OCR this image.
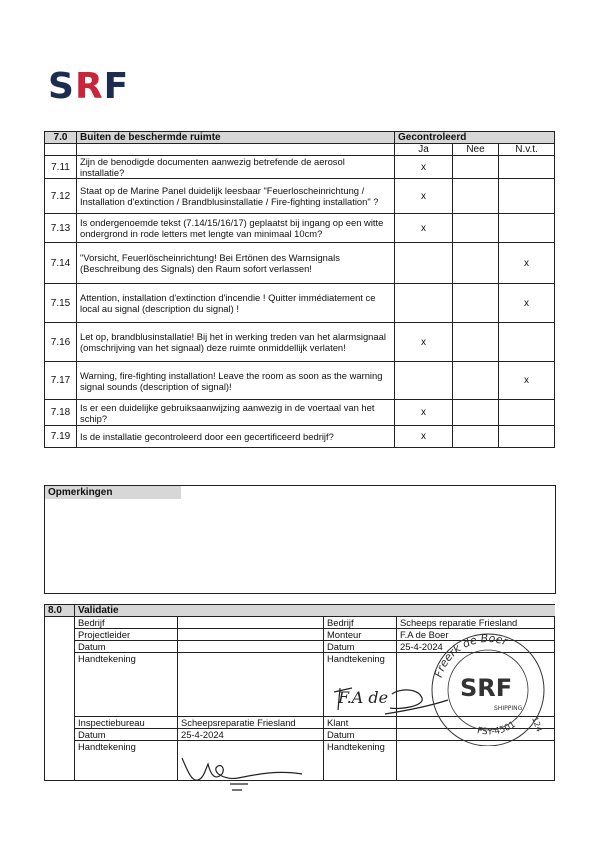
SRF
7.0	Buiten de beschermde ruimte	Gecontroleerd		
		Ja	Nee	N.v.t.
7.11	Zijn de benodigde documenten aanwezig betrefende de aerosol installatie?	x		
7.12	Staat op de Marine Panel duidelijk leesbaar "Feuerloscheinrichtung / Installation d'extinction / Brandblusinstallatie / Fire-fighting installation" ?	x		
7.13	Is ondergenoemde tekst (7.14/15/16/17) geplaatst bij ingang op een witte ondergrond in rode letters met lengte van minimaal 10cm?	x		
7.14	"Vorsicht, Feuerlöscheinrichtung! Bei Ertönen des Warnsignals (Beschreibung des Signals) den Raum sofort verlassen!			x
7.15	Attention, installation d'extinction d'incendie ! Quitter immédiatement ce local au signal (description du signal) !			x
7.16	Let op, brandblusinstallatie! Bij het in werking treden van het alarmsignaal (omschrijving van het signaal) deze ruimte onmiddellijk verlaten!	x		
7.17	Warning, fire-fighting installation! Leave the room as soon as the warning signal sounds (description of signal)!			x
7.18	Is er een duidelijke gebruiksaanwijzing aanwezig in de voertaal van het schip?	x		
7.19	Is de installatie gecontroleerd door een gecertificeerd bedrijf?	x		
Opmerkingen
8.0	Validatie			
	Bedrijf		Bedrijf	Scheeps reparatie Friesland
	Projectleider		Monteur	F.A de Boer
	Datum		Datum	25-4-2024
	Handtekening		Handtekening	
	Inspectiebureau	Scheepsreparatie Friesland	Klant	
	Datum	25-4-2024	Datum	
	Handtekening		Handtekening	
F.A de
Freerk de Boer
SRF
SHIPPING
124
FSY-4501
